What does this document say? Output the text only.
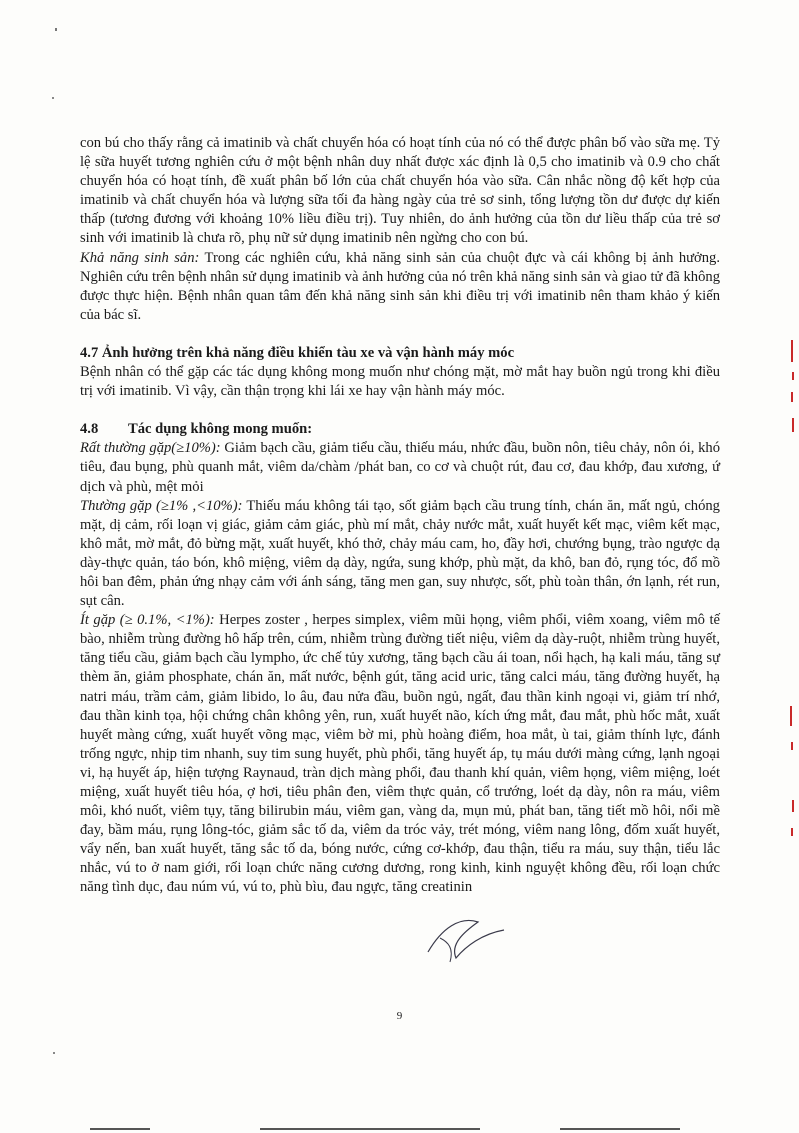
con bú cho thấy rằng cả imatinib và chất chuyển hóa có hoạt tính của nó có thể được phân bố vào sữa mẹ. Tỷ lệ sữa huyết tương nghiên cứu ở một bệnh nhân duy nhất được xác định là 0,5 cho imatinib và 0.9 cho chất chuyển hóa có hoạt tính, đề xuất phân bố lớn của chất chuyển hóa vào sữa. Cân nhắc nồng độ kết hợp của imatinib và chất chuyển hóa và lượng sữa tối đa hàng ngày của trẻ sơ sinh, tổng lượng tồn dư được dự kiến thấp (tương đương với khoảng 10% liều điều trị). Tuy nhiên, do ảnh hưởng của tồn dư liều thấp của trẻ sơ sinh với imatinib là chưa rõ, phụ nữ sử dụng imatinib nên ngừng cho con bú.

Khả năng sinh sản: Trong các nghiên cứu, khả năng sinh sản của chuột đực và cái không bị ảnh hưởng. Nghiên cứu trên bệnh nhân sử dụng imatinib và ảnh hưởng của nó trên khả năng sinh sản và giao tử đã không được thực hiện. Bệnh nhân quan tâm đến khả năng sinh sản khi điều trị với imatinib nên tham khảo ý kiến của bác sĩ.

4.7 Ảnh hưởng trên khả năng điều khiển tàu xe và vận hành máy móc

Bệnh nhân có thể gặp các tác dụng không mong muốn như chóng mặt, mờ mắt hay buồn ngủ trong khi điều trị với imatinib. Vì vậy, cần thận trọng khi lái xe hay vận hành máy móc.

4.8 Tác dụng không mong muốn:

Rất thường gặp(≥10%): Giảm bạch cầu, giảm tiểu cầu, thiếu máu, nhức đầu, buồn nôn, tiêu chảy, nôn ói, khó tiêu, đau bụng, phù quanh mắt, viêm da/chàm /phát ban, co cơ và chuột rút, đau cơ, đau khớp, đau xương, ứ dịch và phù, mệt mỏi

Thường gặp (≥1% ,<10%): Thiếu máu không tái tạo, sốt giảm bạch cầu trung tính, chán ăn, mất ngủ, chóng mặt, dị cảm, rối loạn vị giác, giảm cảm giác, phù mí mắt, chảy nước mắt, xuất huyết kết mạc, viêm kết mạc, khô mắt, mờ mắt, đỏ bừng mặt, xuất huyết, khó thở, chảy máu cam, ho, đầy hơi, chướng bụng, trào ngược dạ dày-thực quản, táo bón, khô miệng, viêm dạ dày, ngứa, sung khớp, phù mặt, da khô, ban đỏ, rụng tóc, đổ mồ hôi ban đêm, phản ứng nhạy cảm với ánh sáng, tăng men gan, suy nhược, sốt, phù toàn thân, ớn lạnh, rét run, sụt cân.

Ít gặp (≥ 0.1%, <1%): Herpes zoster , herpes simplex, viêm mũi họng, viêm phổi, viêm xoang, viêm mô tế bào, nhiễm trùng đường hô hấp trên, cúm, nhiễm trùng đường tiết niệu, viêm dạ dày-ruột, nhiễm trùng huyết, tăng tiểu cầu, giảm bạch cầu lympho, ức chế tủy xương, tăng bạch cầu ái toan, nổi hạch, hạ kali máu, tăng sự thèm ăn, giảm phosphate, chán ăn, mất nước, bệnh gút, tăng acid uric, tăng calci máu, tăng đường huyết, hạ natri máu, trầm cảm, giảm libido, lo âu, đau nửa đầu, buồn ngủ, ngất, đau thần kinh ngoại vi, giảm trí nhớ, đau thần kinh tọa, hội chứng chân không yên, run, xuất huyết não, kích ứng mắt, đau mắt, phù hốc mắt, xuất huyết màng cứng, xuất huyết võng mạc, viêm bờ mi, phù hoàng điểm, hoa mắt, ù tai, giảm thính lực, đánh trống ngực, nhịp tim nhanh, suy tim sung huyết, phù phổi, tăng huyết áp, tụ máu dưới màng cứng, lạnh ngoại vi, hạ huyết áp, hiện tượng Raynaud, tràn dịch màng phổi, đau thanh khí quản, viêm họng, viêm miệng, loét miệng, xuất huyết tiêu hóa, ợ hơi, tiêu phân đen, viêm thực quản, cổ trướng, loét dạ dày, nôn ra máu, viêm môi, khó nuốt, viêm tụy, tăng bilirubin máu, viêm gan, vàng da, mụn mủ, phát ban, tăng tiết mồ hôi, nổi mề đay, bầm máu, rụng lông-tóc, giảm sắc tố da, viêm da tróc vảy, trét móng, viêm nang lông, đốm xuất huyết, vẩy nến, ban xuất huyết, tăng sắc tố da, bóng nước, cứng cơ-khớp, đau thận, tiểu ra máu, suy thận, tiểu lắc nhắc, vú to ở nam giới, rối loạn chức năng cương dương, rong kinh, kinh nguyệt không đều, rối loạn chức năng tình dục, đau núm vú, vú to, phù bìu, đau ngực, tăng creatinin

9
